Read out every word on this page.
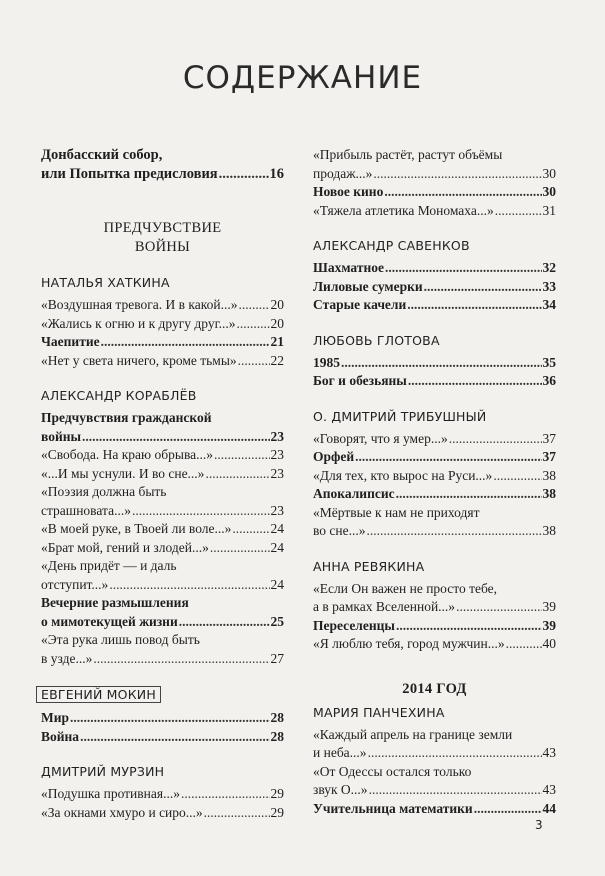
СОДЕРЖАНИЕ
Донбасский собор,
или Попытка предисловия .....	16
ПРЕДЧУВСТВИЕ
ВОЙНЫ
НАТАЛЬЯ ХАТКИНА
«Воздушная тревога. И в какой...» ..... 20
«Жались к огню и к другу друг...» .....	20
Чаепитие .....	21
«Нет у света ничего, кроме тьмы» .....	22
АЛЕКСАНДР КОРАБЛЁВ
Предчувствия гражданской
войны .....	23
«Свобода. На краю обрыва...» .....	23
«...И мы уснули. И во сне...» .....	23
«Поэзия должна быть
страшновата...» .....	23
«В моей руке, в Твоей ли воле...» .....	24
«Брат мой, гений и злодей...» .....	24
«День придёт — и даль
отступит...» .....	24
Вечерние размышления
о мимотекущей жизни .....	25
«Эта рука лишь повод быть
в узде...» .....	27
ЕВГЕНИЙ МОКИН
Мир .....	28
Война .....	28
ДМИТРИЙ МУРЗИН
«Подушка противная...» .....	29
«За окнами хмуро и сиро...» .....	29
«Прибыль растёт, растут объёмы
продаж...» .....	30
Новое кино .....	30
«Тяжела атлетика Мономаха...» .....	31
АЛЕКСАНДР САВЕНКОВ
Шахматное .....	32
Лиловые сумерки .....	33
Старые качели .....	34
ЛЮБОВЬ ГЛОТОВА
1985 .....	35
Бог и обезьяны .....	36
О. ДМИТРИЙ ТРИБУШНЫЙ
«Говорят, что я умер...» .....	37
Орфей .....	37
«Для тех, кто вырос на Руси...» .....	38
Апокалипсис .....	38
«Мёртвые к нам не приходят
во сне...» .....	38
АННА РЕВЯКИНА
«Если Он важен не просто тебе,
а в рамках Вселенной...» .....	39
Переселенцы .....	39
«Я люблю тебя, город мужчин...» .....	40
2014 ГОД
МАРИЯ ПАНЧЕХИНА
«Каждый апрель на границе земли
и неба...» .....	43
«От Одессы остался только
звук О...» .....	43
Учительница математики .....	44
3
